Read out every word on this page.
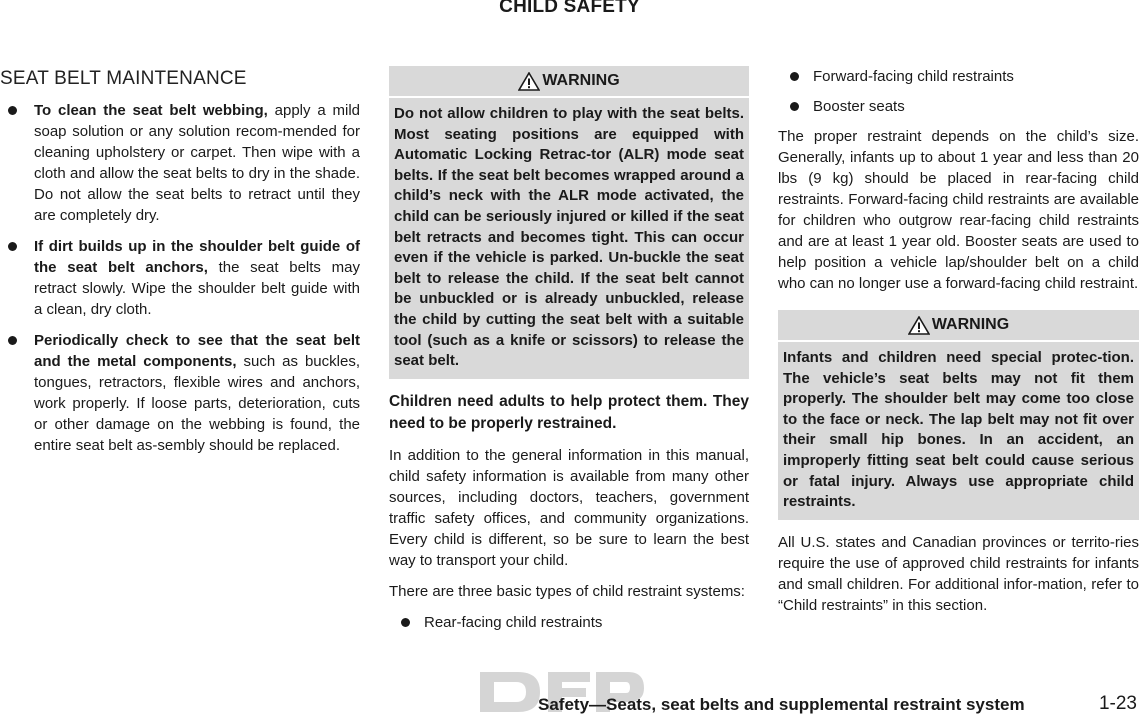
CHILD SAFETY
SEAT BELT MAINTENANCE
To clean the seat belt webbing, apply a mild soap solution or any solution recom-mended for cleaning upholstery or carpet. Then wipe with a cloth and allow the seat belts to dry in the shade. Do not allow the seat belts to retract until they are completely dry.
If dirt builds up in the shoulder belt guide of the seat belt anchors, the seat belts may retract slowly. Wipe the shoulder belt guide with a clean, dry cloth.
Periodically check to see that the seat belt and the metal components, such as buckles, tongues, retractors, flexible wires and anchors, work properly. If loose parts, deterioration, cuts or other damage on the webbing is found, the entire seat belt as-sembly should be replaced.
WARNING
Do not allow children to play with the seat belts. Most seating positions are equipped with Automatic Locking Retrac-tor (ALR) mode seat belts. If the seat belt becomes wrapped around a child’s neck with the ALR mode activated, the child can be seriously injured or killed if the seat belt retracts and becomes tight. This can occur even if the vehicle is parked. Un-buckle the seat belt to release the child. If the seat belt cannot be unbuckled or is already unbuckled, release the child by cutting the seat belt with a suitable tool (such as a knife or scissors) to release the seat belt.

Children need adults to help protect them. They need to be properly restrained.

In addition to the general information in this manual, child safety information is available from many other sources, including doctors, teachers, government traffic safety offices, and community organizations. Every child is different, so be sure to learn the best way to transport your child.

There are three basic types of child restraint systems:

Rear-facing child restraints
Forward-facing child restraints
Booster seats

The proper restraint depends on the child’s size. Generally, infants up to about 1 year and less than 20 lbs (9 kg) should be placed in rear-facing child restraints. Forward-facing child restraints are available for children who outgrow rear-facing child restraints and are at least 1 year old. Booster seats are used to help position a vehicle lap/shoulder belt on a child who can no longer use a forward-facing child restraint.

WARNING
Infants and children need special protec-tion. The vehicle’s seat belts may not fit them properly. The shoulder belt may come too close to the face or neck. The lap belt may not fit over their small hip bones. In an accident, an improperly fitting seat belt could cause serious or fatal injury. Always use appropriate child restraints.

All U.S. states and Canadian provinces or territo-ries require the use of approved child restraints for infants and small children. For additional infor-mation, refer to “Child restraints” in this section.

Safety—Seats, seat belts and supplemental restraint system	1-23
